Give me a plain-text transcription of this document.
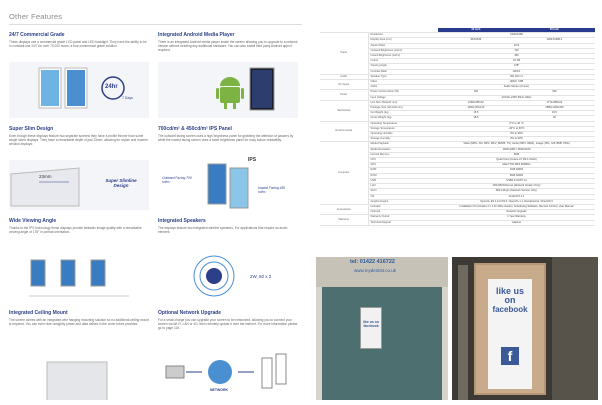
Other Features
24/7 Commercial Grade

These displays use a commercial grade LCD panel and LED backlight. They have the ability to be in constant use 24/7 for over 70,000 hours; a true commercial grade solution.

24hr
7 Days
Integrated Android Media Player

There is an integrated Android media player inside the screen allowing you to upgrade to a network version without needing any additional hardware. You can also install third party Android apps if required.

Super Slim Design

Even though these displays feature two separate screens they have a profile thinner than some single sided displays. They have a remarkable depth of just 23mm, allowing for stylish and modern window displays.

23mm
Super Slimline Design
700cd/m² & 450cd/m² IPS Panel

The outward facing screen uses a high brightness panel for grabbing the attention of passers by while the inward facing screen uses a lower brightness panel for easy indoor readability.

IPS
Outward Facing 700 cd/m²
Inward Facing 450 cd/m²
Wide Viewing Angle

Thanks to the IPS technology these displays provide fantastic image quality with a remarkable viewing angle of 178° in portrait orientation.

Integrated Speakers

The displays feature two integrated slimline speakers. For applications that require an audio element.

2W, 50 x 2
Integrated Ceiling Mount

The screen comes with an integrated wire hanging mounting solution so no additional ceiling mount is required. You can even hide unsightly power and data cables in the cover tubes provided.

Optional Network Upgrade

For a small charge you can upgrade your screen to be networked, allowing you to connect your screen via Wi-Fi, LAN or 4G, then remotely update it over the internet. For more information please go to page 115.

NETWORK
		32 inch	55 inch
Panel	Resolution	1920x1080	
	Display Area (mm)	98.8x536	1209.6x680.4
	Aspect Ratio	16:9	
	Outward Brightness (cd/m²)	700	
	Inward Brightness (cd/m²)	450	
	Colour	16.7M	
	Viewing Angle	178°	
	Contrast Ratio	1200:1	
Audio	Speaker Type	2W, 8Ω x 2	
AV Inputs	Video	HDMI, USB	
	Audio	Audio Stereo (2 Inner)	
Power	Power Consumption (W)	120	190
	Input Voltage	AC100~240V 50Hz~60Hz	
Mechanical	Unit Size (WxHxD mm)	1084x455x22	1771x680x23
	Package Size (WxHxD mm)	1190x745x140	1880x1100x160
	Net Weight (kg)	15.5	33.5
	Gross Weight (kg)	18.5	40
Environmental	Operating Temperature	0°C to 40 °C	
	Storage Temperature	-20°C to 60°C	
	Operating Humidity	0% to 90%	
	Storage Humidity	0% to 90%	
Computer	Media Playback	Video (MPG, AVI, MP4, MKV, RMVB, TS), Audio (MP3, WMA), Image (JPG, GIF, BMP, PNG)	
	Media Resolution	1920x1080 / 3840x2160	
	Internal Memory	8GB	
	CPU	Quad Core (Cortex-A7 R3-1.6GHz)	
	GPU	Mali-T760 MP4 600MHz	
	RAM	2GB DDR3	
	ROM	8GB NAND	
	USB	USB2.0 HOST x2	
	LAN	10/100M Ethernet (Network Version Only)	
	Wi-Fi	802.11b/g/n (Network Version Only)	
	OS	Android 5.1.1	
	Graphic Engine	OpenGL ES 1.1/2.0/3.0, OpenVG 1.1, Renderscript, DirectX9.3	
Accessories	Included	Installation Kit (includes 2 x 1.5m Wire Hooks), Scheduling Software, Remote Control, User Manual	
	Optional	Network Upgrade	
Warranty	Warranty Period	1 Year Warranty	
	Technical Support	Lifetime	
tel: 01422 416722
www.mydentist.co.uk
like us on facebook
like us
on
facebook
f
